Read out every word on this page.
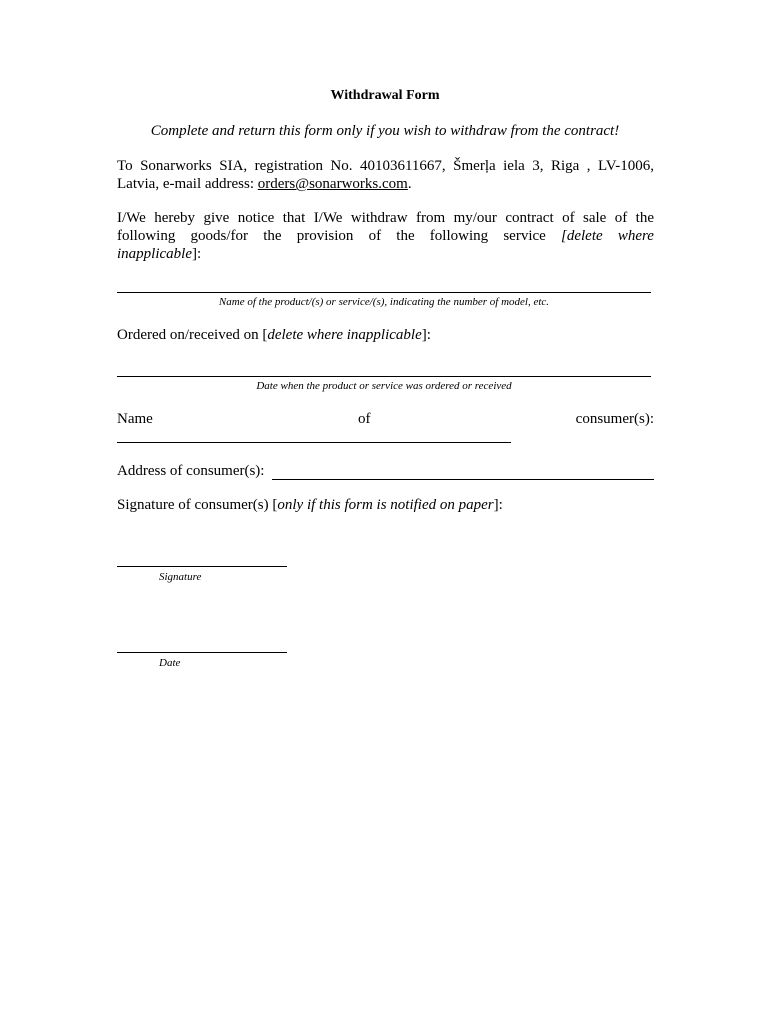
Withdrawal Form
Complete and return this form only if you wish to withdraw from the contract!
To Sonarworks SIA, registration No. 40103611667, Šmerļa iela 3, Riga , LV-1006,
Latvia, e-mail address: orders@sonarworks.com.
I/We hereby give notice that I/We withdraw from my/our contract of sale of the
following goods/for the provision of the following service [delete where
inapplicable]:
Name of the product/(s) or service/(s), indicating the number of model, etc.
Ordered on/received on [delete where inapplicable]:
Date when the product or service was ordered or received
Name	of	consumer(s):
Address of consumer(s):
Signature of consumer(s) [only if this form is notified on paper]:
Signature
Date
